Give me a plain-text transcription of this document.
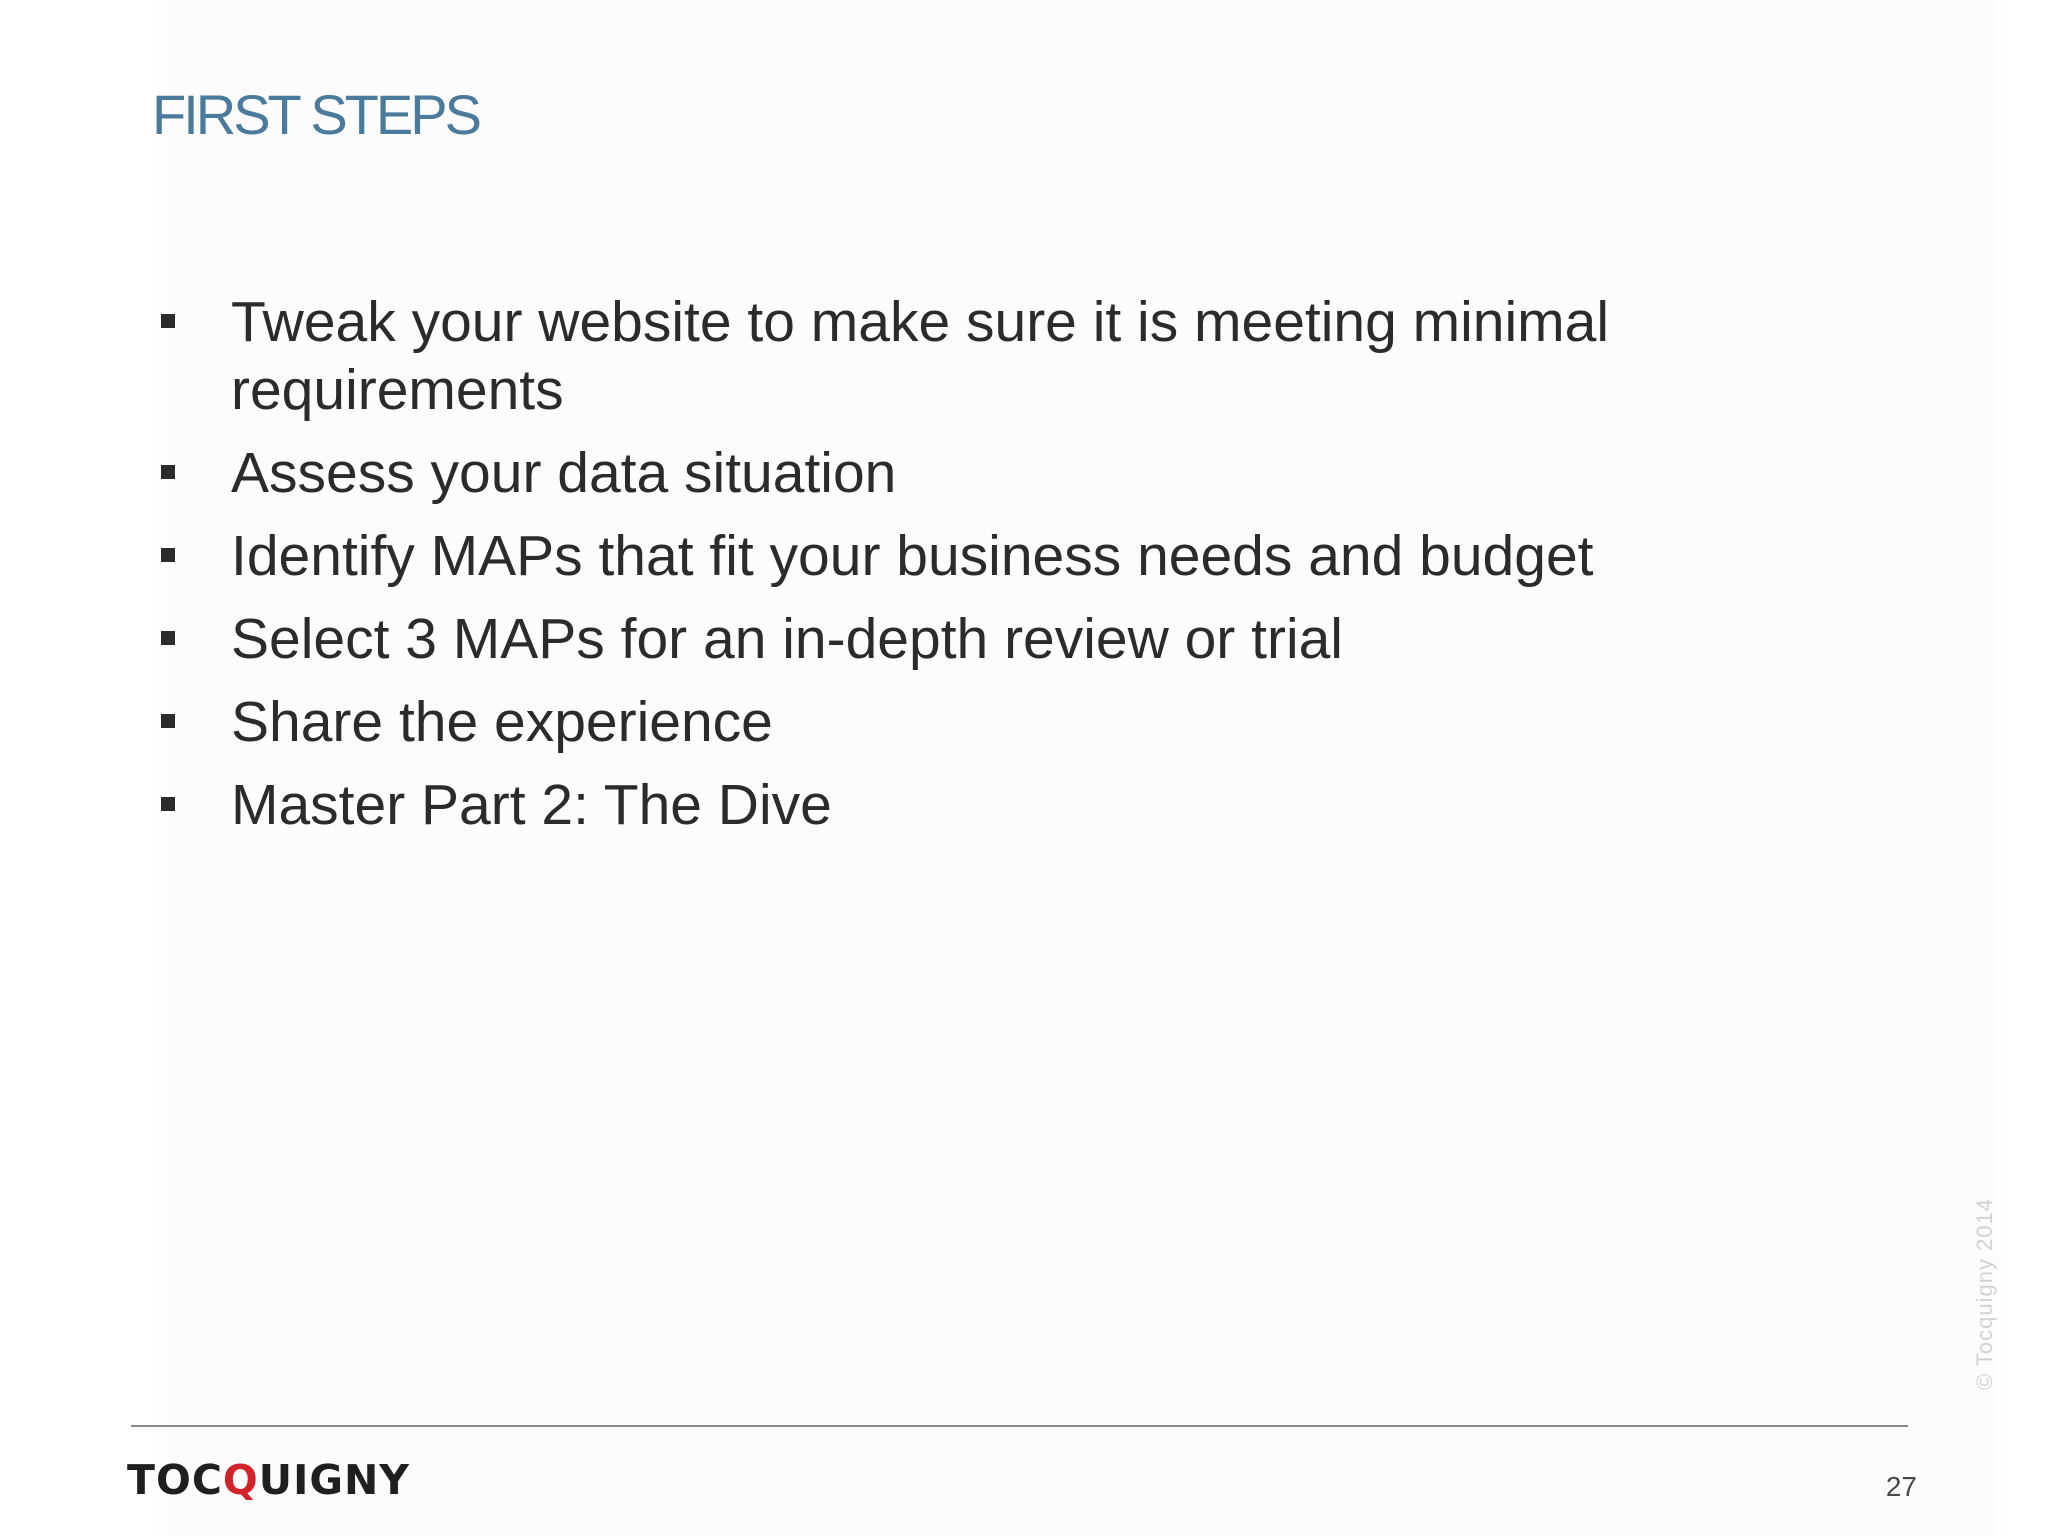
FIRST STEPS
Tweak your website to make sure it is meeting minimal requirements
Assess your data situation
Identify MAPs that fit your business needs and budget
Select 3 MAPs for an in-depth review or trial
Share the experience
Master Part 2: The Dive
© Tocquigny 2014
TOCQUIGNY	27
